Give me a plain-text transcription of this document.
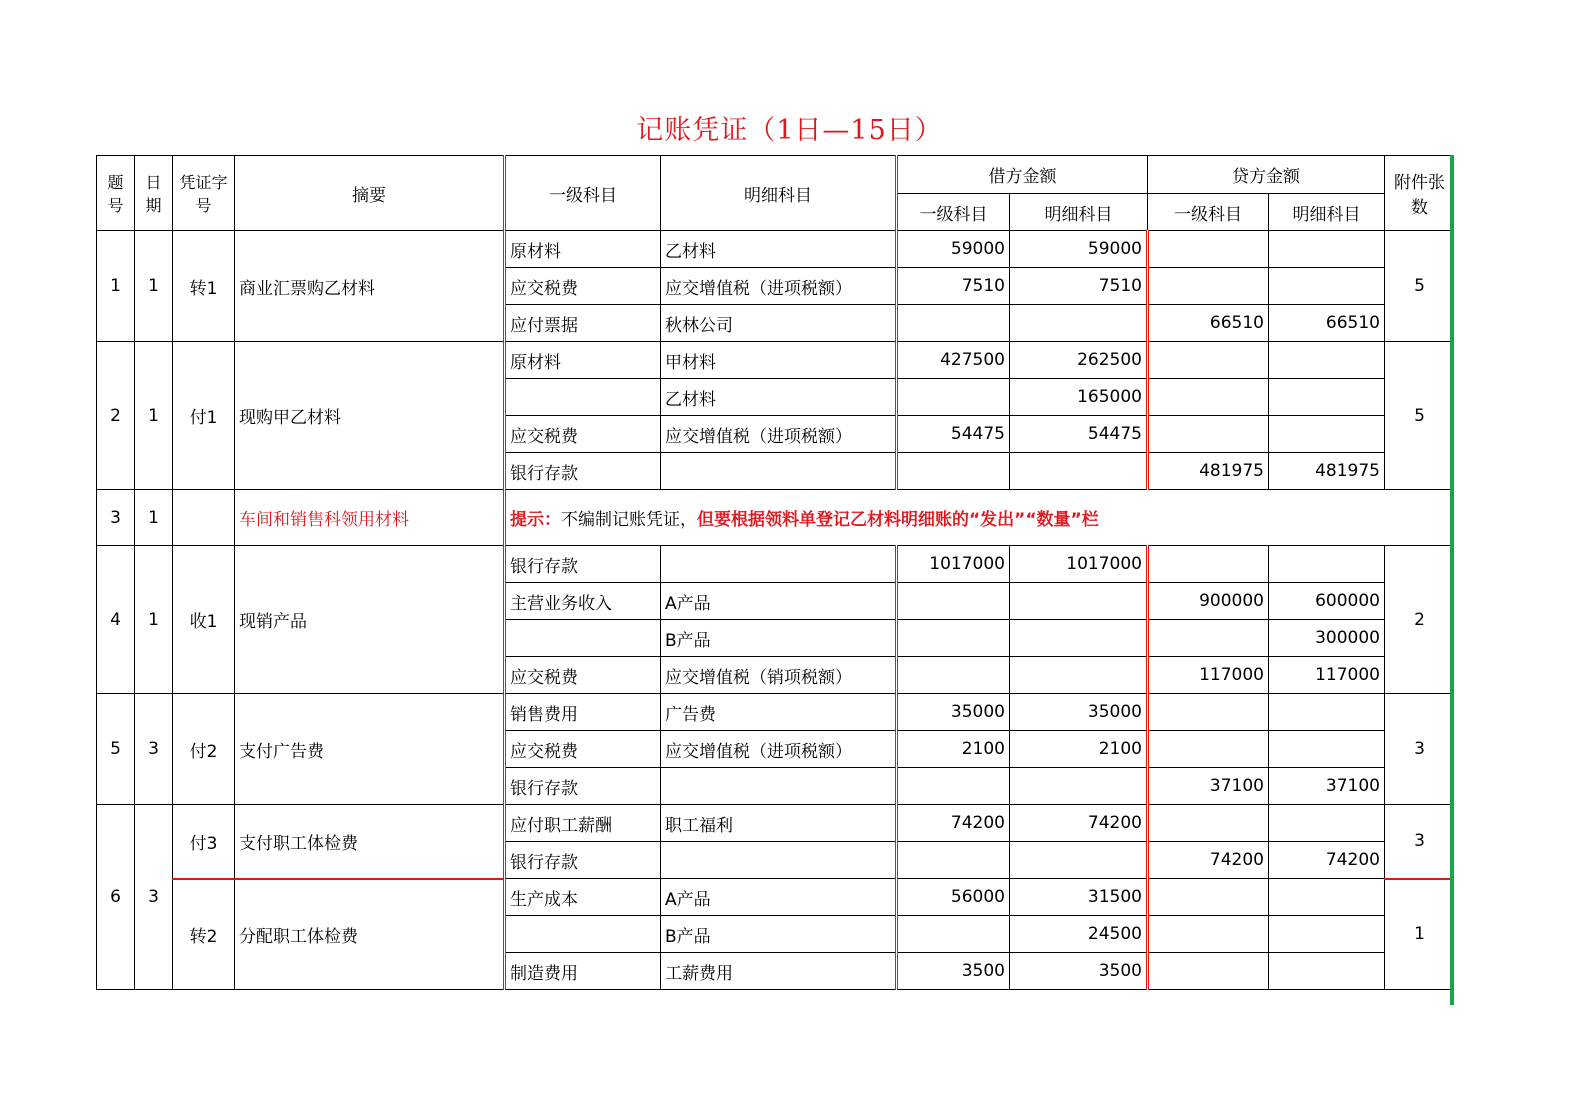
记账凭证（1日—15日）
题号	日期	凭证字号	摘要	一级科目	明细科目	借方金额		贷方金额		附件张数
						一级科目	明细科目	一级科目	明细科目	
1	1	转1	商业汇票购乙材料	原材料	乙材料	59000	59000			5
				应交税费	应交增值税（进项税额）	7510	7510			
				应付票据	秋林公司			66510	66510	
2	1	付1	现购甲乙材料	原材料	甲材料	427500	262500			5
					乙材料		165000			
				应交税费	应交增值税（进项税额）	54475	54475			
				银行存款				481975	481975	
3	1		车间和销售科领用材料	提示：不编制记账凭证，但要根据领料单登记乙材料明细账的“发出”“数量”栏						
4	1	收1	现销产品	银行存款		1017000	1017000			2
				主营业务收入	A产品			900000	600000	
					B产品				300000	
				应交税费	应交增值税（销项税额）			117000	117000	
5	3	付2	支付广告费	销售费用	广告费	35000	35000			3
				应交税费	应交增值税（进项税额）	2100	2100			
				银行存款				37100	37100	
6	3	付3	支付职工体检费	应付职工薪酬	职工福利	74200	74200			3
				银行存款				74200	74200	
		转2	分配职工体检费	生产成本	A产品	56000	31500			1
					B产品		24500			
				制造费用	工薪费用	3500	3500			
